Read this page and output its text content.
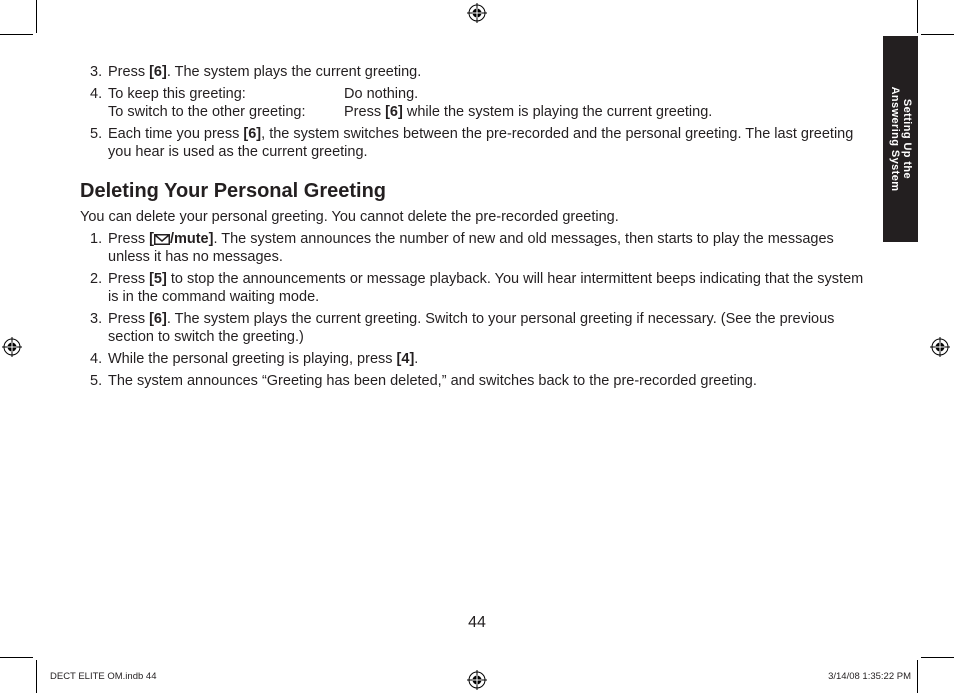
Setting Up the
Answering System
3. Press [6]. The system plays the current greeting.
4. To keep this greeting:	Do nothing.
To switch to the other greeting:	Press [6] while the system is playing the current greeting.
5. Each time you press [6], the system switches between the pre-recorded and the personal greeting. The last greeting you hear is used as the current greeting.
Deleting Your Personal Greeting

You can delete your personal greeting. You cannot delete the pre-recorded greeting.

1. Press [ /mute]. The system announces the number of new and old messages, then starts to play the messages unless it has no messages.
2. Press [5] to stop the announcements or message playback. You will hear intermittent beeps indicating that the system is in the command waiting mode.
3. Press [6]. The system plays the current greeting. Switch to your personal greeting if necessary. (See the previous section to switch the greeting.)
4. While the personal greeting is playing, press [4].
5. The system announces “Greeting has been deleted,” and switches back to the pre-recorded greeting.
44
DECT ELITE OM.indb 44	3/14/08 1:35:22 PM
